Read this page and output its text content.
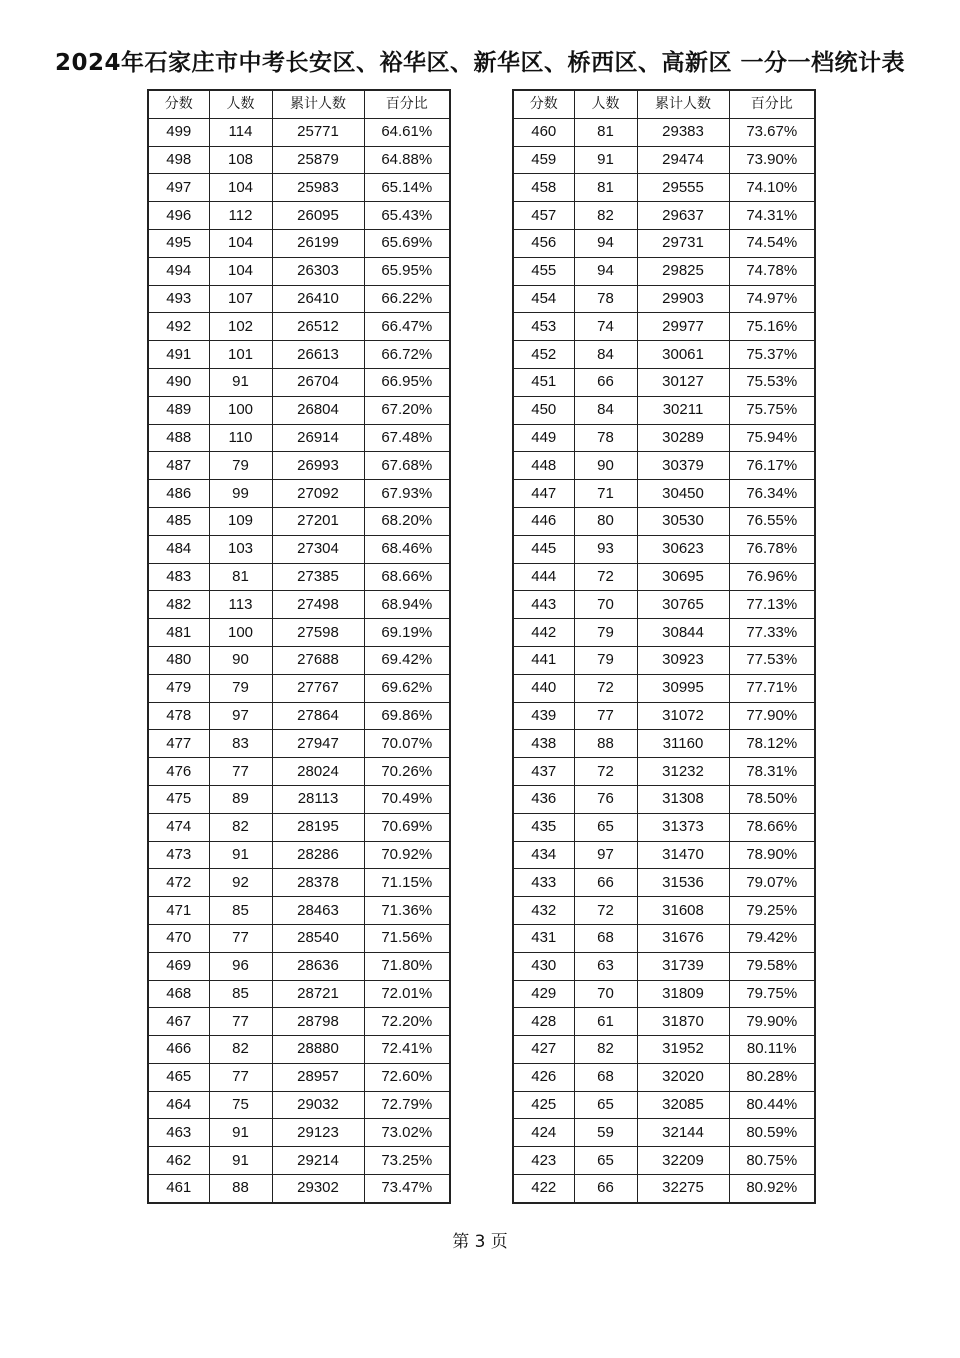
2024年石家庄市中考长安区、裕华区、新华区、桥西区、高新区 一分一档统计表
分数	人数	累计人数	百分比
499	114	25771	64.61%
498	108	25879	64.88%
497	104	25983	65.14%
496	112	26095	65.43%
495	104	26199	65.69%
494	104	26303	65.95%
493	107	26410	66.22%
492	102	26512	66.47%
491	101	26613	66.72%
490	91	26704	66.95%
489	100	26804	67.20%
488	110	26914	67.48%
487	79	26993	67.68%
486	99	27092	67.93%
485	109	27201	68.20%
484	103	27304	68.46%
483	81	27385	68.66%
482	113	27498	68.94%
481	100	27598	69.19%
480	90	27688	69.42%
479	79	27767	69.62%
478	97	27864	69.86%
477	83	27947	70.07%
476	77	28024	70.26%
475	89	28113	70.49%
474	82	28195	70.69%
473	91	28286	70.92%
472	92	28378	71.15%
471	85	28463	71.36%
470	77	28540	71.56%
469	96	28636	71.80%
468	85	28721	72.01%
467	77	28798	72.20%
466	82	28880	72.41%
465	77	28957	72.60%
464	75	29032	72.79%
463	91	29123	73.02%
462	91	29214	73.25%
461	88	29302	73.47%
分数	人数	累计人数	百分比
460	81	29383	73.67%
459	91	29474	73.90%
458	81	29555	74.10%
457	82	29637	74.31%
456	94	29731	74.54%
455	94	29825	74.78%
454	78	29903	74.97%
453	74	29977	75.16%
452	84	30061	75.37%
451	66	30127	75.53%
450	84	30211	75.75%
449	78	30289	75.94%
448	90	30379	76.17%
447	71	30450	76.34%
446	80	30530	76.55%
445	93	30623	76.78%
444	72	30695	76.96%
443	70	30765	77.13%
442	79	30844	77.33%
441	79	30923	77.53%
440	72	30995	77.71%
439	77	31072	77.90%
438	88	31160	78.12%
437	72	31232	78.31%
436	76	31308	78.50%
435	65	31373	78.66%
434	97	31470	78.90%
433	66	31536	79.07%
432	72	31608	79.25%
431	68	31676	79.42%
430	63	31739	79.58%
429	70	31809	79.75%
428	61	31870	79.90%
427	82	31952	80.11%
426	68	32020	80.28%
425	65	32085	80.44%
424	59	32144	80.59%
423	65	32209	80.75%
422	66	32275	80.92%
第 3 页
